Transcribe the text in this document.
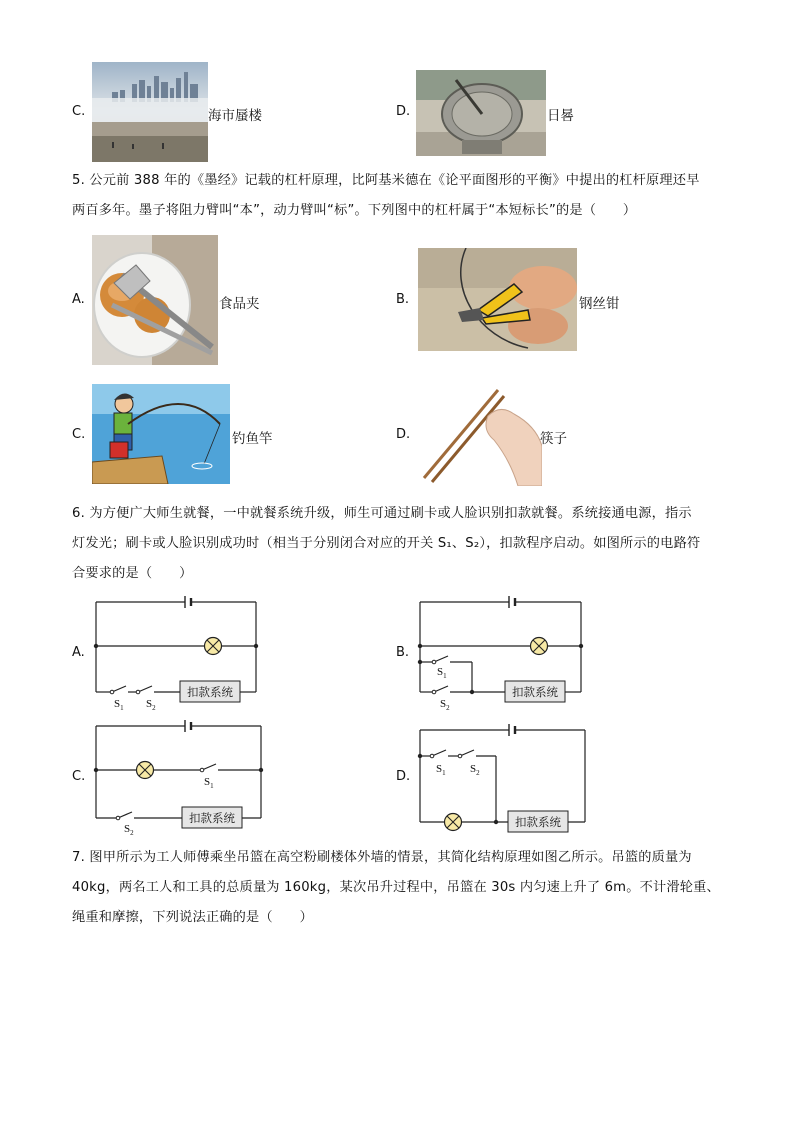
C.	海市蜃楼	D.	日晷
5. 公元前 388 年的《墨经》记载的杠杆原理，比阿基米德在《论平面图形的平衡》中提出的杠杆原理还早
两百多年。墨子将阻力臂叫“本”，动力臂叫“标”。下列图中的杠杆属于“本短标长”的是（　　）
A.	食品夹	B.	钢丝钳
C.	钓鱼竿	D.	筷子
6. 为方便广大师生就餐，一中就餐系统升级，师生可通过刷卡或人脸识别扣款就餐。系统接通电源，指示
灯发光；刷卡或人脸识别成功时（相当于分别闭合对应的开关 S₁、S₂），扣款程序启动。如图所示的电路符
合要求的是（　　）
A.	B.
C.	D.
扣款系统	扣款系统
扣款系统	扣款系统
$S_1$ $S_2$
$S_1$
$S_2$
$S_1$
$S_2$
$S_1$ $S_2$
7. 图甲所示为工人师傅乘坐吊篮在高空粉刷楼体外墙的情景，其简化结构原理如图乙所示。吊篮的质量为
40kg，两名工人和工具的总质量为 160kg，某次吊升过程中，吊篮在 30s 内匀速上升了 6m。不计滑轮重、
绳重和摩擦，下列说法正确的是（　　）
